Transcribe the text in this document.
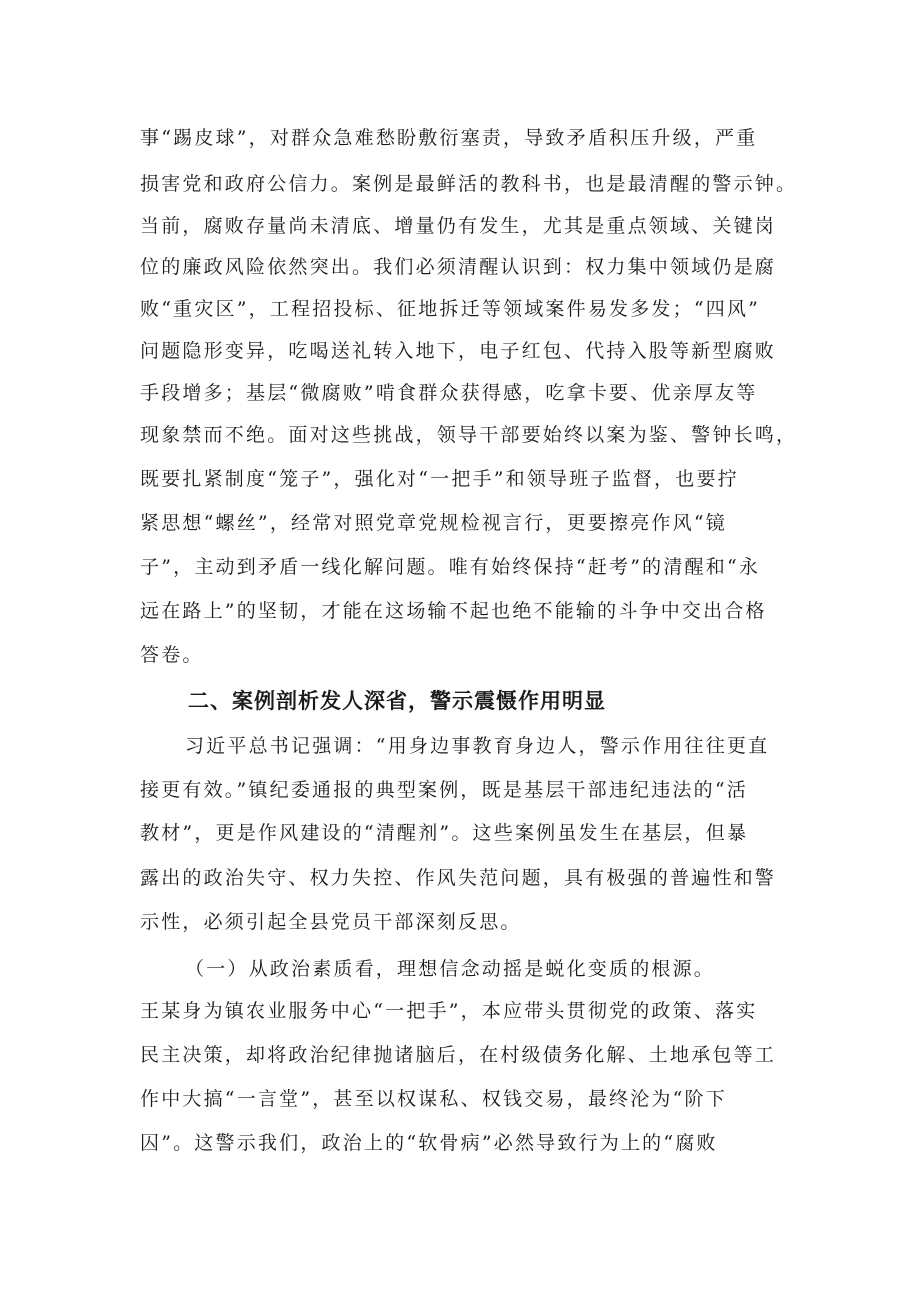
事“踢皮球”，对群众急难愁盼敷衍塞责，导致矛盾积压升级，严重
损害党和政府公信力。案例是最鲜活的教科书，也是最清醒的警示钟。
当前，腐败存量尚未清底、增量仍有发生，尤其是重点领域、关键岗
位的廉政风险依然突出。我们必须清醒认识到：权力集中领域仍是腐
败“重灾区”，工程招投标、征地拆迁等领域案件易发多发；“四风”
问题隐形变异，吃喝送礼转入地下，电子红包、代持入股等新型腐败
手段增多；基层“微腐败”啃食群众获得感，吃拿卡要、优亲厚友等
现象禁而不绝。面对这些挑战，领导干部要始终以案为鉴、警钟长鸣，
既要扎紧制度“笼子”，强化对“一把手”和领导班子监督，也要拧
紧思想“螺丝”，经常对照党章党规检视言行，更要擦亮作风“镜
子”，主动到矛盾一线化解问题。唯有始终保持“赶考”的清醒和“永
远在路上”的坚韧，才能在这场输不起也绝不能输的斗争中交出合格
答卷。
二、案例剖析发人深省，警示震慑作用明显
习近平总书记强调：“用身边事教育身边人，警示作用往往更直
接更有效。”镇纪委通报的典型案例，既是基层干部违纪违法的“活
教材”，更是作风建设的“清醒剂”。这些案例虽发生在基层，但暴
露出的政治失守、权力失控、作风失范问题，具有极强的普遍性和警
示性，必须引起全县党员干部深刻反思。
（一）从政治素质看，理想信念动摇是蜕化变质的根源。
王某身为镇农业服务中心“一把手”，本应带头贯彻党的政策、落实
民主决策，却将政治纪律抛诸脑后，在村级债务化解、土地承包等工
作中大搞“一言堂”，甚至以权谋私、权钱交易，最终沦为“阶下
囚”。这警示我们，政治上的“软骨病”必然导致行为上的“腐败
